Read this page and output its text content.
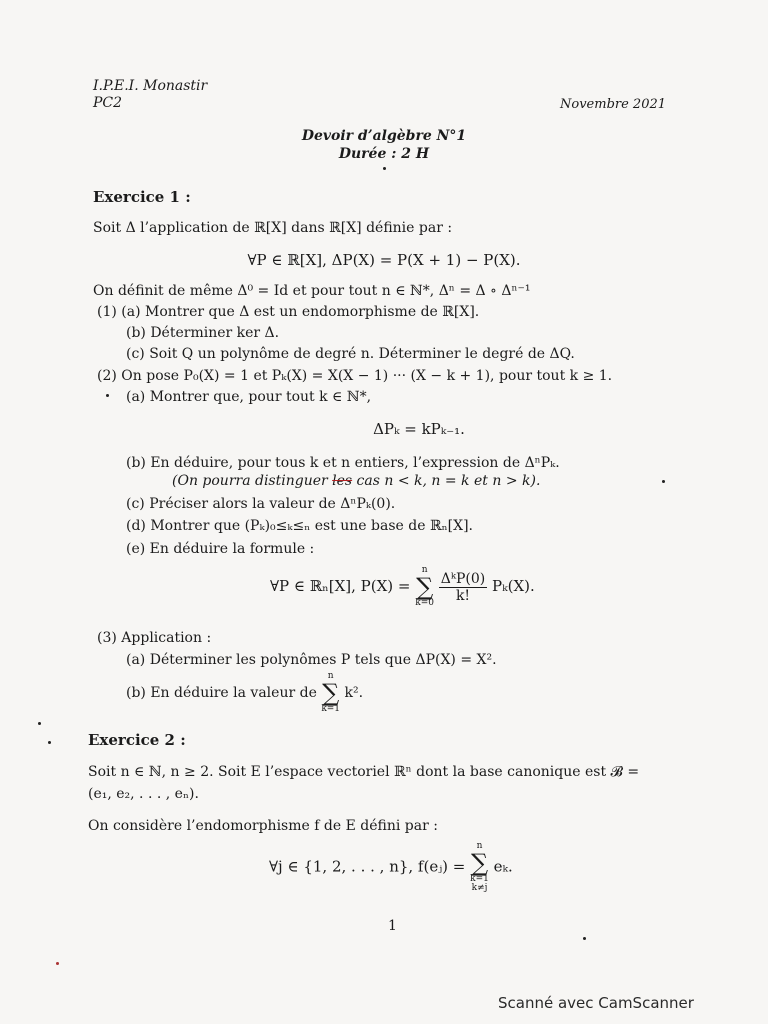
I.P.E.I. Monastir
PC2	Novembre 2021
Devoir d’algèbre N°1
Durée : 2 H
Exercice 1 :
Soit Δ l’application de ℝ[X] dans ℝ[X] définie par :
∀P ∈ ℝ[X], ΔP(X) = P(X + 1) − P(X).
On définit de même Δ⁰ = Id et pour tout n ∈ ℕ*, Δⁿ = Δ ∘ Δⁿ⁻¹
(1) (a) Montrer que Δ est un endomorphisme de ℝ[X].
(b) Déterminer ker Δ.
(c) Soit Q un polynôme de degré n. Déterminer le degré de ΔQ.
(2) On pose P₀(X) = 1 et Pₖ(X) = X(X − 1) ··· (X − k + 1), pour tout k ≥ 1.
(a) Montrer que, pour tout k ∈ ℕ*,
ΔPₖ = kPₖ₋₁.
(b) En déduire, pour tous k et n entiers, l’expression de ΔⁿPₖ.
(On pourra distinguer les cas n < k, n = k et n > k).
(c) Préciser alors la valeur de ΔⁿPₖ(0).
(d) Montrer que (Pₖ)₀≤ₖ≤ₙ est une base de ℝₙ[X].
(e) En déduire la formule :
∀P ∈ ℝₙ[X], P(X) =
n
∑
k=0
$\frac{\text{ΔᵏP(0)}}{k!} P_k(X)$.
(3) Application :
(a) Déterminer les polynômes P tels que ΔP(X) = X².
(b) En déduire la valeur de
n
∑
k=1
k².
Exercice 2 :
Soit n ∈ ℕ, n ≥ 2. Soit E l’espace vectoriel ℝⁿ dont la base canonique est 𝓑 =
(e₁, e₂, . . . , eₙ).
On considère l’endomorphisme f de E défini par :
∀j ∈ {1, 2, . . . , n}, f(eⱼ) =
n
∑
k=1
k≠j
eₖ.
1
Scanné avec CamScanner
